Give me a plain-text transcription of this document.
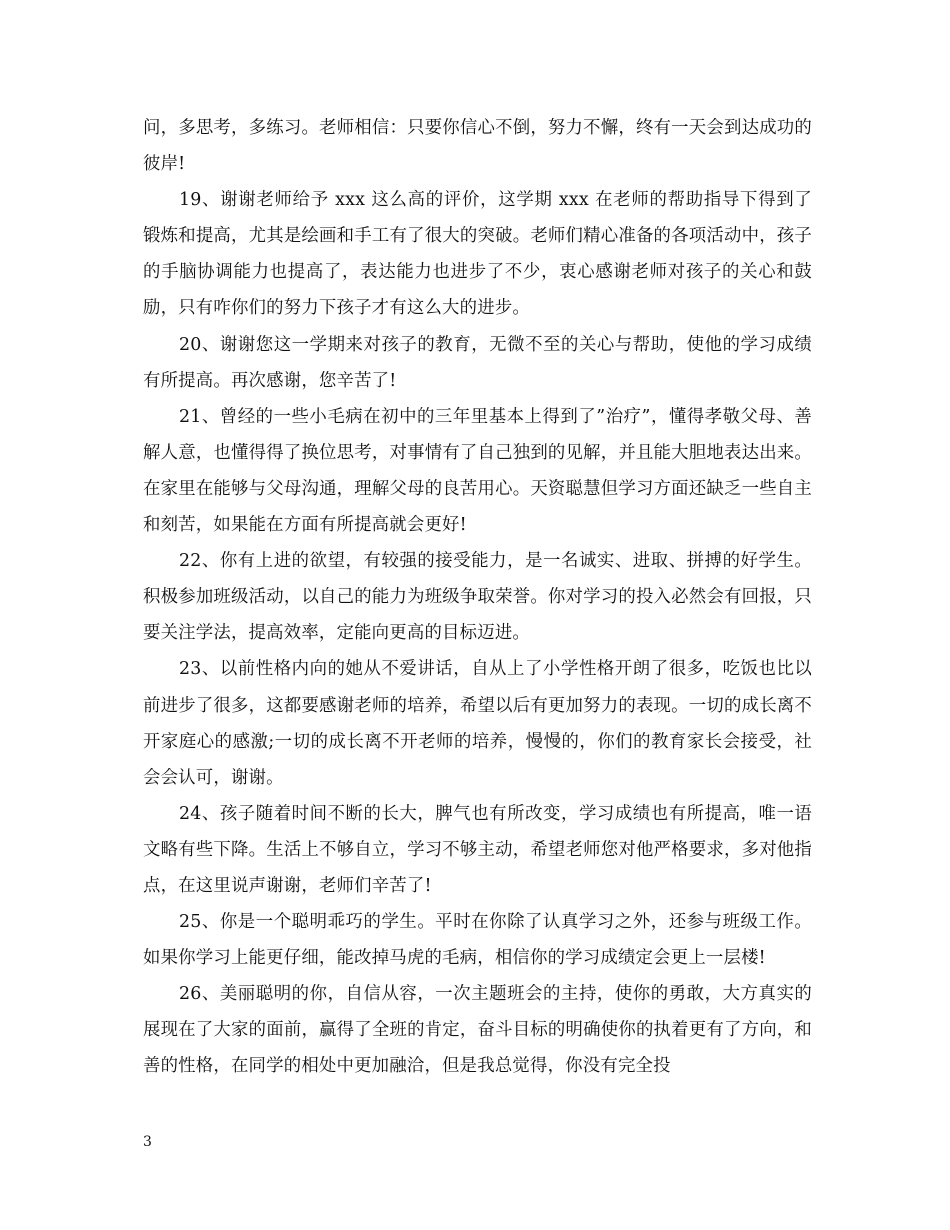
问，多思考，多练习。老师相信：只要你信心不倒，努力不懈，终有一天会到达成功的彼岸!

19、谢谢老师给予 xxx 这么高的评价，这学期 xxx 在老师的帮助指导下得到了锻炼和提高，尤其是绘画和手工有了很大的突破。老师们精心准备的各项活动中，孩子的手脑协调能力也提高了，表达能力也进步了不少，衷心感谢老师对孩子的关心和鼓励，只有咋你们的努力下孩子才有这么大的进步。

20、谢谢您这一学期来对孩子的教育，无微不至的关心与帮助，使他的学习成绩有所提高。再次感谢，您辛苦了!

21、曾经的一些小毛病在初中的三年里基本上得到了”治疗”，懂得孝敬父母、善解人意，也懂得得了换位思考，对事情有了自己独到的见解，并且能大胆地表达出来。在家里在能够与父母沟通，理解父母的良苦用心。天资聪慧但学习方面还缺乏一些自主和刻苦，如果能在方面有所提高就会更好!

22、你有上进的欲望，有较强的接受能力，是一名诚实、进取、拼搏的好学生。积极参加班级活动，以自己的能力为班级争取荣誉。你对学习的投入必然会有回报，只要关注学法，提高效率，定能向更高的目标迈进。

23、以前性格内向的她从不爱讲话，自从上了小学性格开朗了很多，吃饭也比以前进步了很多，这都要感谢老师的培养，希望以后有更加努力的表现。一切的成长离不开家庭心的感激;一切的成长离不开老师的培养，慢慢的，你们的教育家长会接受，社会会认可，谢谢。

24、孩子随着时间不断的长大，脾气也有所改变，学习成绩也有所提高，唯一语文略有些下降。生活上不够自立，学习不够主动，希望老师您对他严格要求，多对他指点，在这里说声谢谢，老师们辛苦了!

25、你是一个聪明乖巧的学生。平时在你除了认真学习之外，还参与班级工作。如果你学习上能更仔细，能改掉马虎的毛病，相信你的学习成绩定会更上一层楼!

26、美丽聪明的你，自信从容，一次主题班会的主持，使你的勇敢，大方真实的展现在了大家的面前，赢得了全班的肯定，奋斗目标的明确使你的执着更有了方向，和善的性格，在同学的相处中更加融洽，但是我总觉得，你没有完全投

3
